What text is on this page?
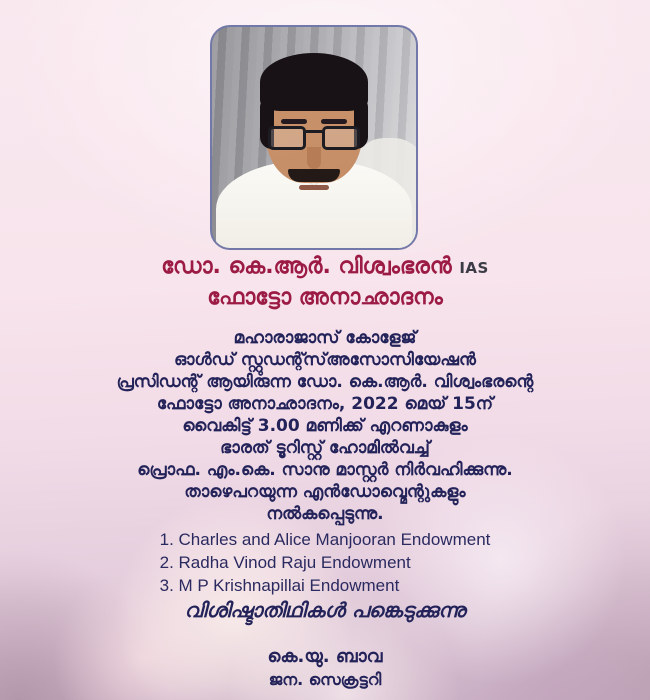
ഡോ. കെ.ആർ. വിശ്വംഭരൻ IAS
ഫോട്ടോ അനാഛാദനം
മഹാരാജാസ് കോളേജ്
ഓൾഡ് സ്റ്റുഡന്റ്സ്അസോസിയേഷൻ
പ്രസിഡന്റ് ആയിരുന്ന ഡോ. കെ.ആർ. വിശ്വംഭരന്റെ
ഫോട്ടോ അനാഛാദനം, 2022 മെയ് 15ന്
വൈകിട്ട് 3.00 മണിക്ക് എറണാകുളം
ഭാരത് ടൂറിസ്റ്റ് ഹോമിൽവച്ച്
പ്രൊഫ. എം.കെ. സാനു മാസ്റ്റർ നിർവഹിക്കുന്നു.
താഴെപറയുന്ന എൻഡോവ്മെന്റുകളും
നൽകപ്പെടുന്നു.
1. Charles and Alice Manjooran Endowment
2. Radha Vinod Raju Endowment
3. M P Krishnapillai Endowment
വിശിഷ്ടാതിഥികൾ പങ്കെടുക്കുന്നു
കെ.യു. ബാവ
ജന. സെക്രട്ടറി
